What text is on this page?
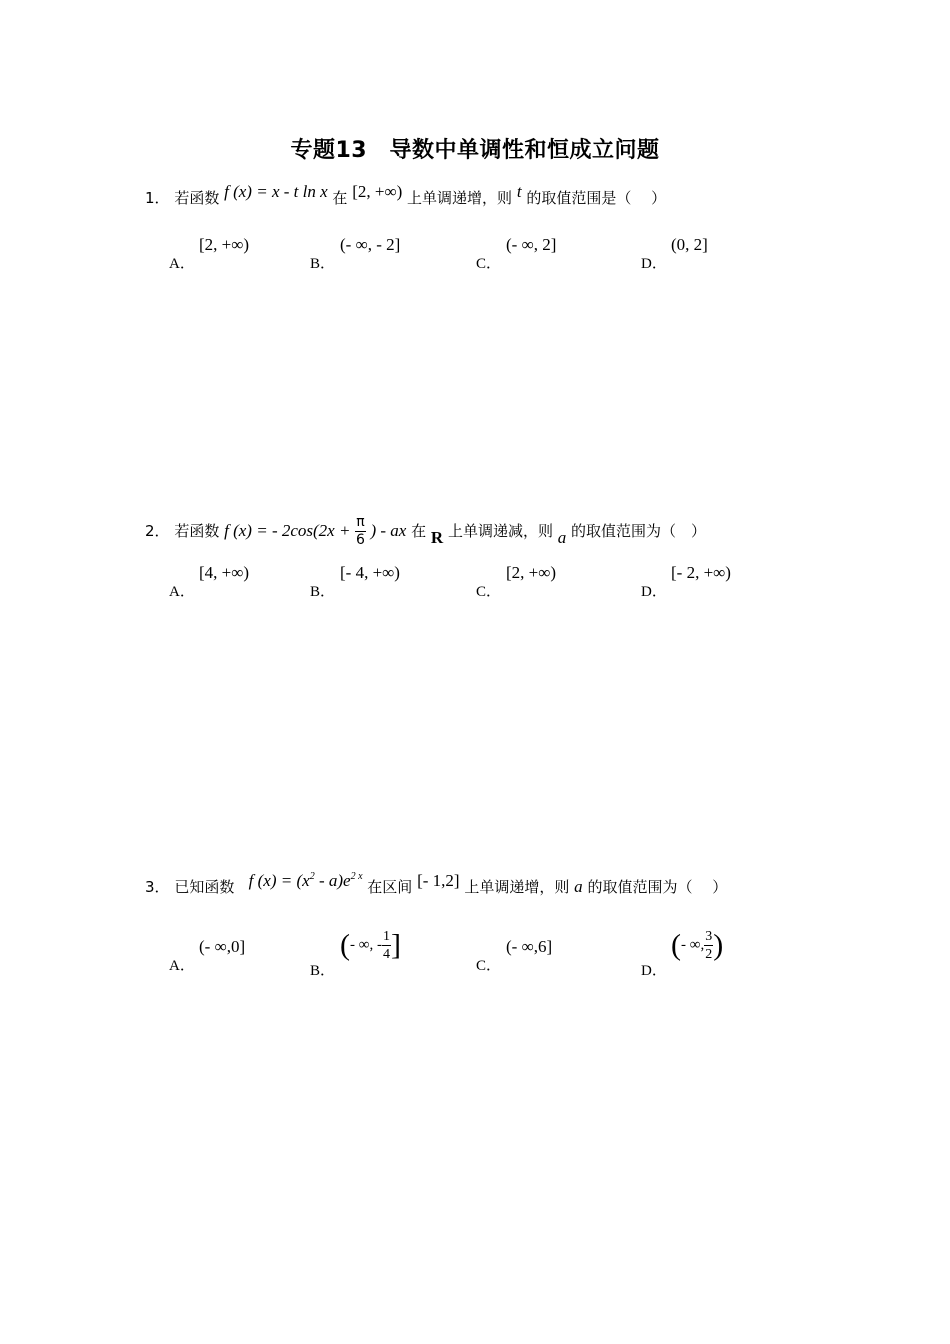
专题13　导数中单调性和恒成立问题
1． 若函数 f (x) = x - t ln x 在 [2, +∞) 上单调递增，则 t 的取值范围是（　 ）
A．[2, +∞)
B．(- ∞, - 2]
C．(- ∞, 2]
D．(0, 2]
2． 若函数 f (x) = - $2\cos(2x + \frac{\pi}{6}$ ) - ax 在 R 上单调递减，则 a 的取值范围为（　）
A．[4, +∞)
B．[- 4, +∞)
C．[2, +∞)
D．[- 2, +∞)
3． 已知函数 f $(x) = (x^2 - a)e^{2 x}$ 在区间 [- 1,2] 上单调递增，则 a 的取值范围为（　 ）
A．(- ∞,0]
B．(- ∞, - $\frac{1}{4}$ ]
C．(- ∞,6]
D．(- ∞, $\frac{3}{2}$ )
